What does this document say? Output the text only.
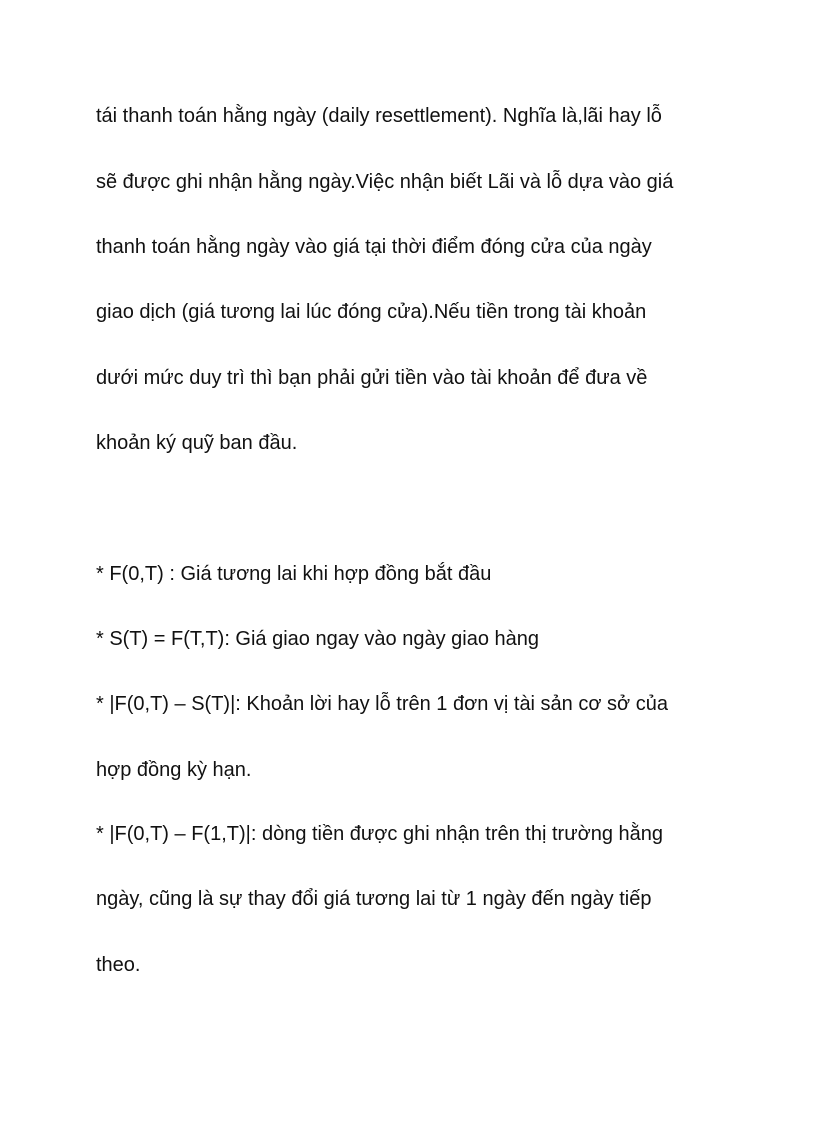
tái thanh toán hằng ngày (daily resettlement). Nghĩa là,lãi hay lỗ
sẽ được ghi nhận hằng ngày.Việc nhận biết Lãi và lỗ dựa vào giá
thanh toán hằng ngày vào giá tại thời điểm đóng cửa của ngày
giao dịch (giá tương lai lúc đóng cửa).Nếu tiền trong tài khoản
dưới mức duy trì thì bạn phải gửi tiền vào tài khoản để đưa về
khoản ký quỹ ban đầu.
* F(0,T) : Giá tương lai khi hợp đồng bắt đầu
* S(T) = F(T,T): Giá giao ngay vào ngày giao hàng
* |F(0,T) – S(T)|: Khoản lời hay lỗ trên 1 đơn vị tài sản cơ sở của
hợp đồng kỳ hạn.
* |F(0,T) – F(1,T)|: dòng tiền được ghi nhận trên thị trường hằng
ngày, cũng là sự thay đổi giá tương lai từ 1 ngày đến ngày tiếp
theo.
